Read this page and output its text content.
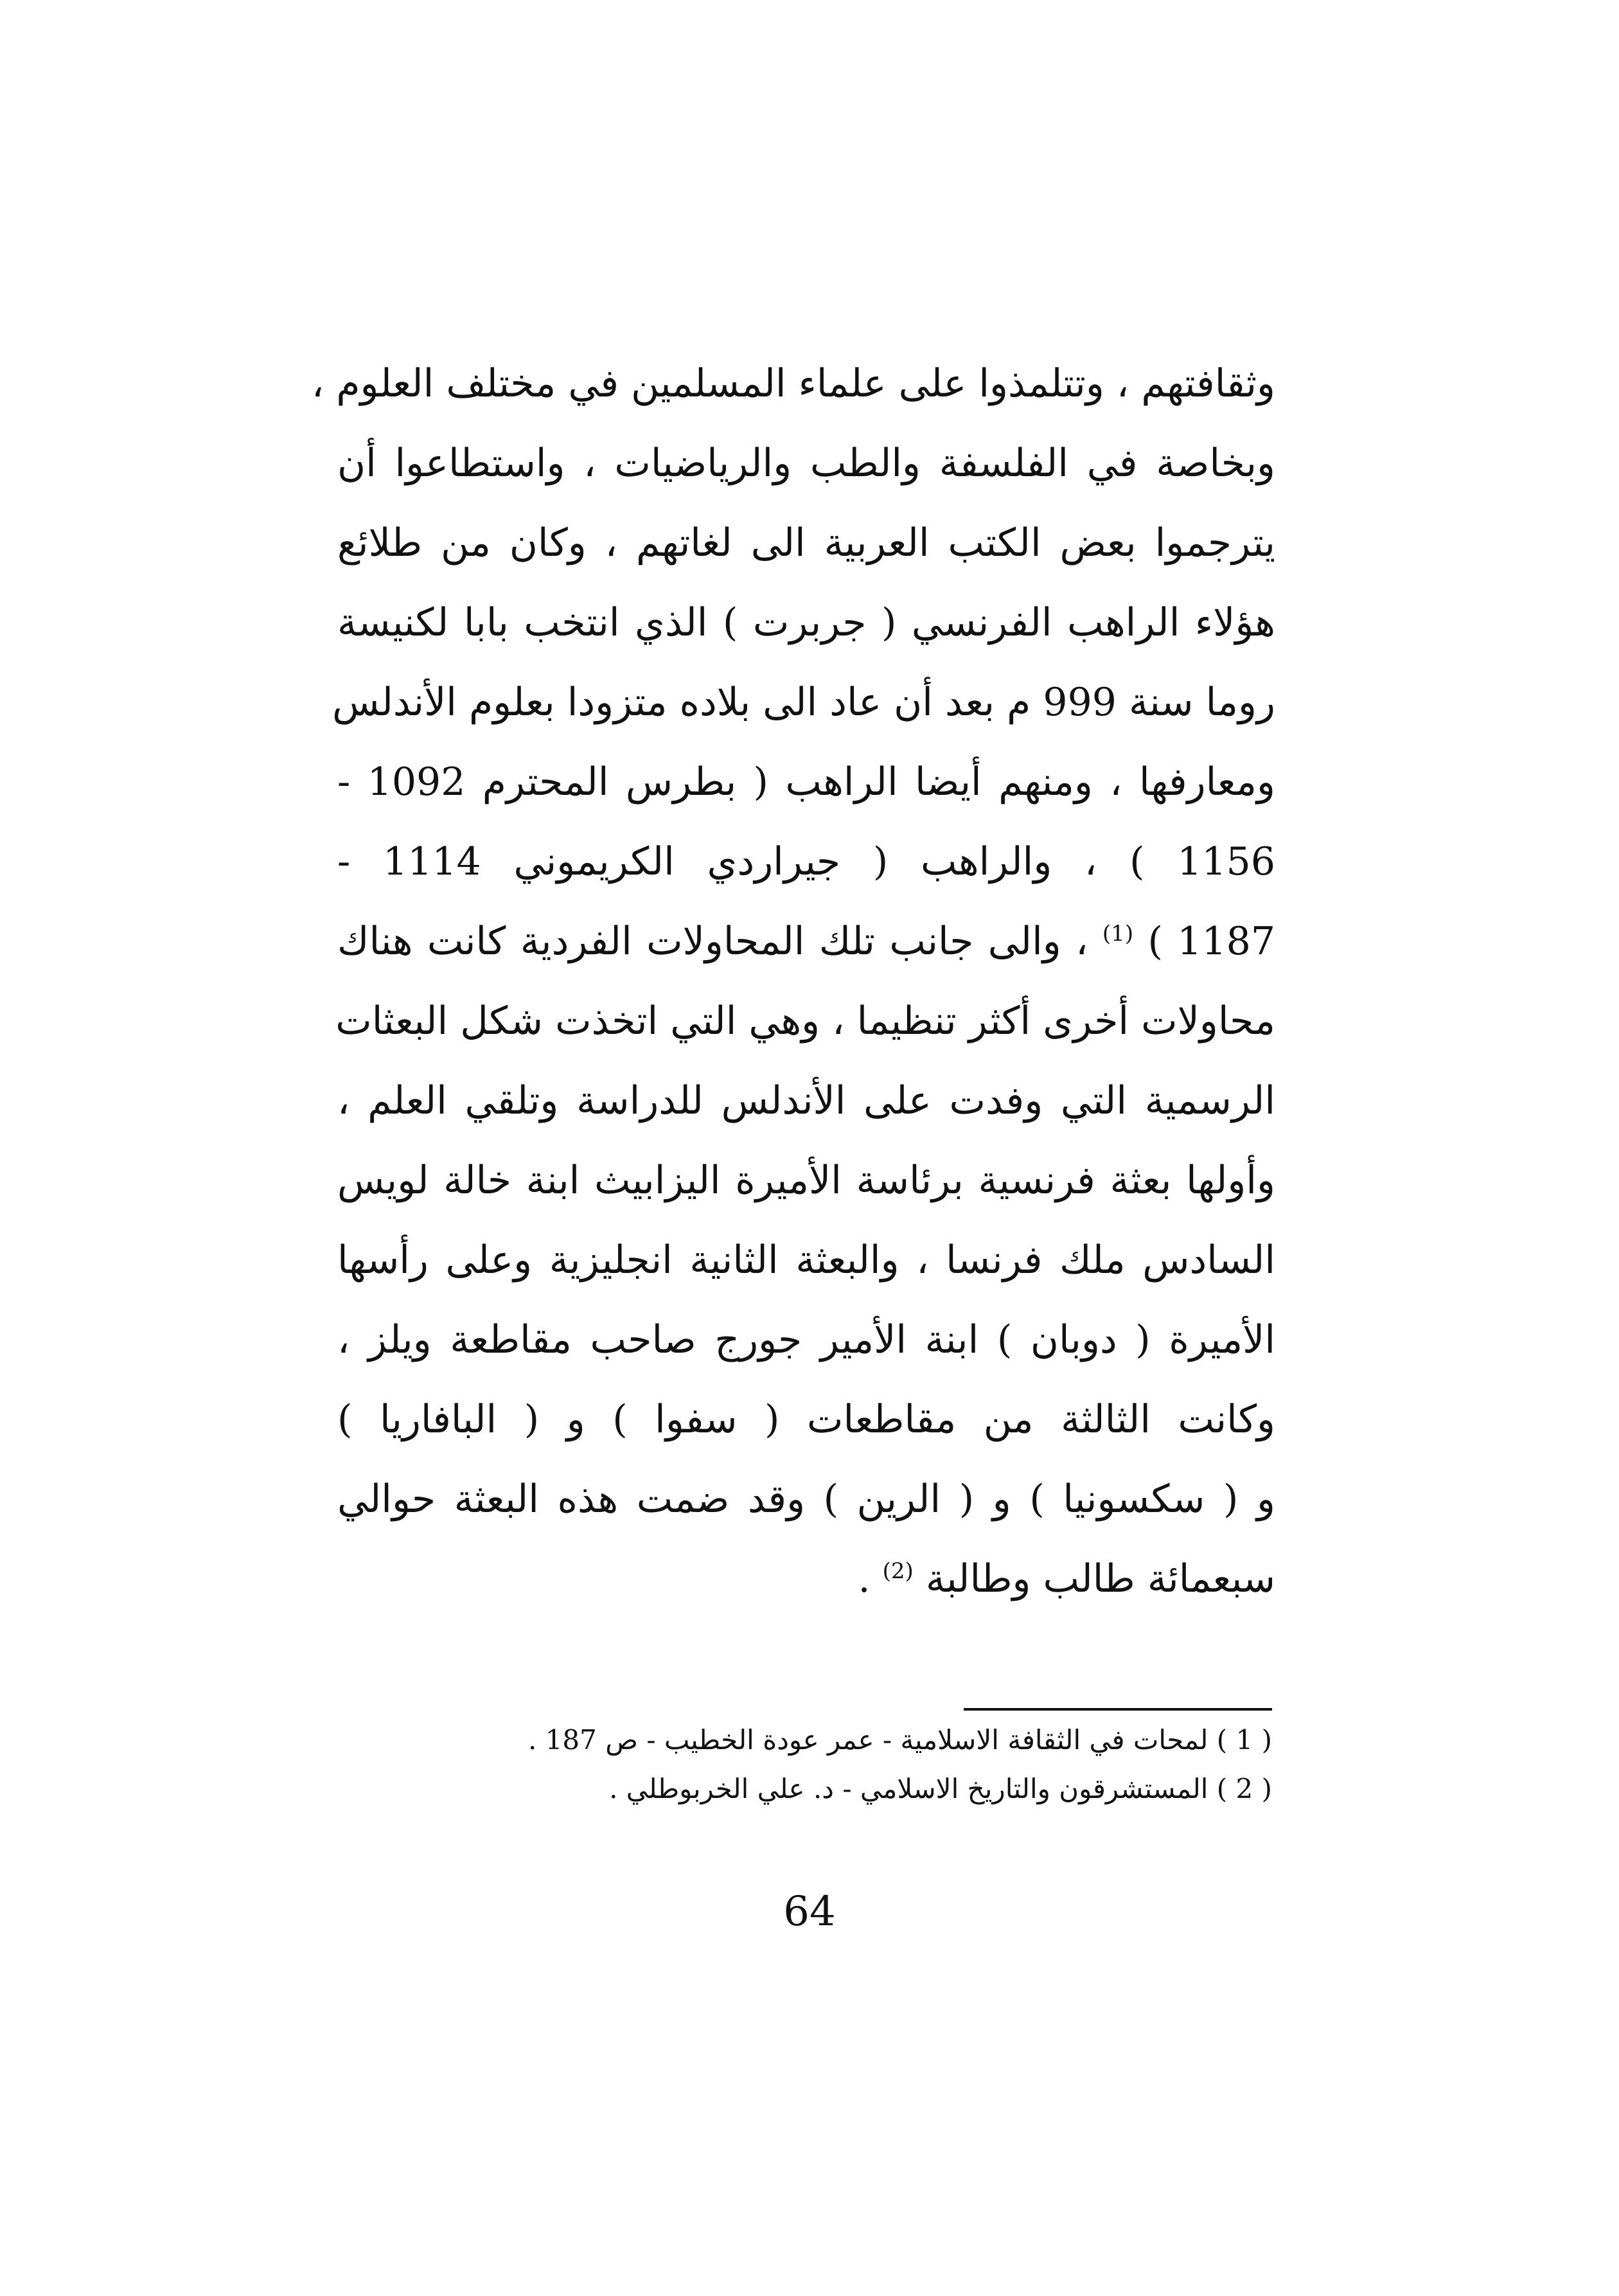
وثقافتهم ، وتتلمذوا على علماء المسلمين في مختلف العلوم ،
وبخاصة في الفلسفة والطب والرياضيات ، واستطاعوا أن
يترجموا بعض الكتب العربية الى لغاتهم ، وكان من طلائع
هؤلاء الراهب الفرنسي ( جربرت ) الذي انتخب بابا لكنيسة
روما سنة 999 م بعد أن عاد الى بلاده متزودا بعلوم الأندلس
ومعارفها ، ومنهم أيضا الراهب ( بطرس المحترم 1092 -
1156 ) ، والراهب ( جيراردي الكريموني 1114 -
1187 ) $^{(1)}$ ، والى جانب تلك المحاولات الفردية كانت هناك
محاولات أخرى أكثر تنظيما ، وهي التي اتخذت شكل البعثات
الرسمية التي وفدت على الأندلس للدراسة وتلقي العلم ،
وأولها بعثة فرنسية برئاسة الأميرة اليزابيث ابنة خالة لويس
السادس ملك فرنسا ، والبعثة الثانية انجليزية وعلى رأسها
الأميرة ( دوبان ) ابنة الأمير جورج صاحب مقاطعة ويلز ،
وكانت الثالثة من مقاطعات ( سفوا ) و ( البافاريا )
و ( سكسونيا ) و ( الرين ) وقد ضمت هذه البعثة حوالي
سبعمائة طالب وطالبة $^{(2)}$ .
( 1 ) لمحات في الثقافة الاسلامية - عمر عودة الخطيب - ص 187 .
( 2 ) المستشرقون والتاريخ الاسلامي - د. علي الخربوطلي .
64
